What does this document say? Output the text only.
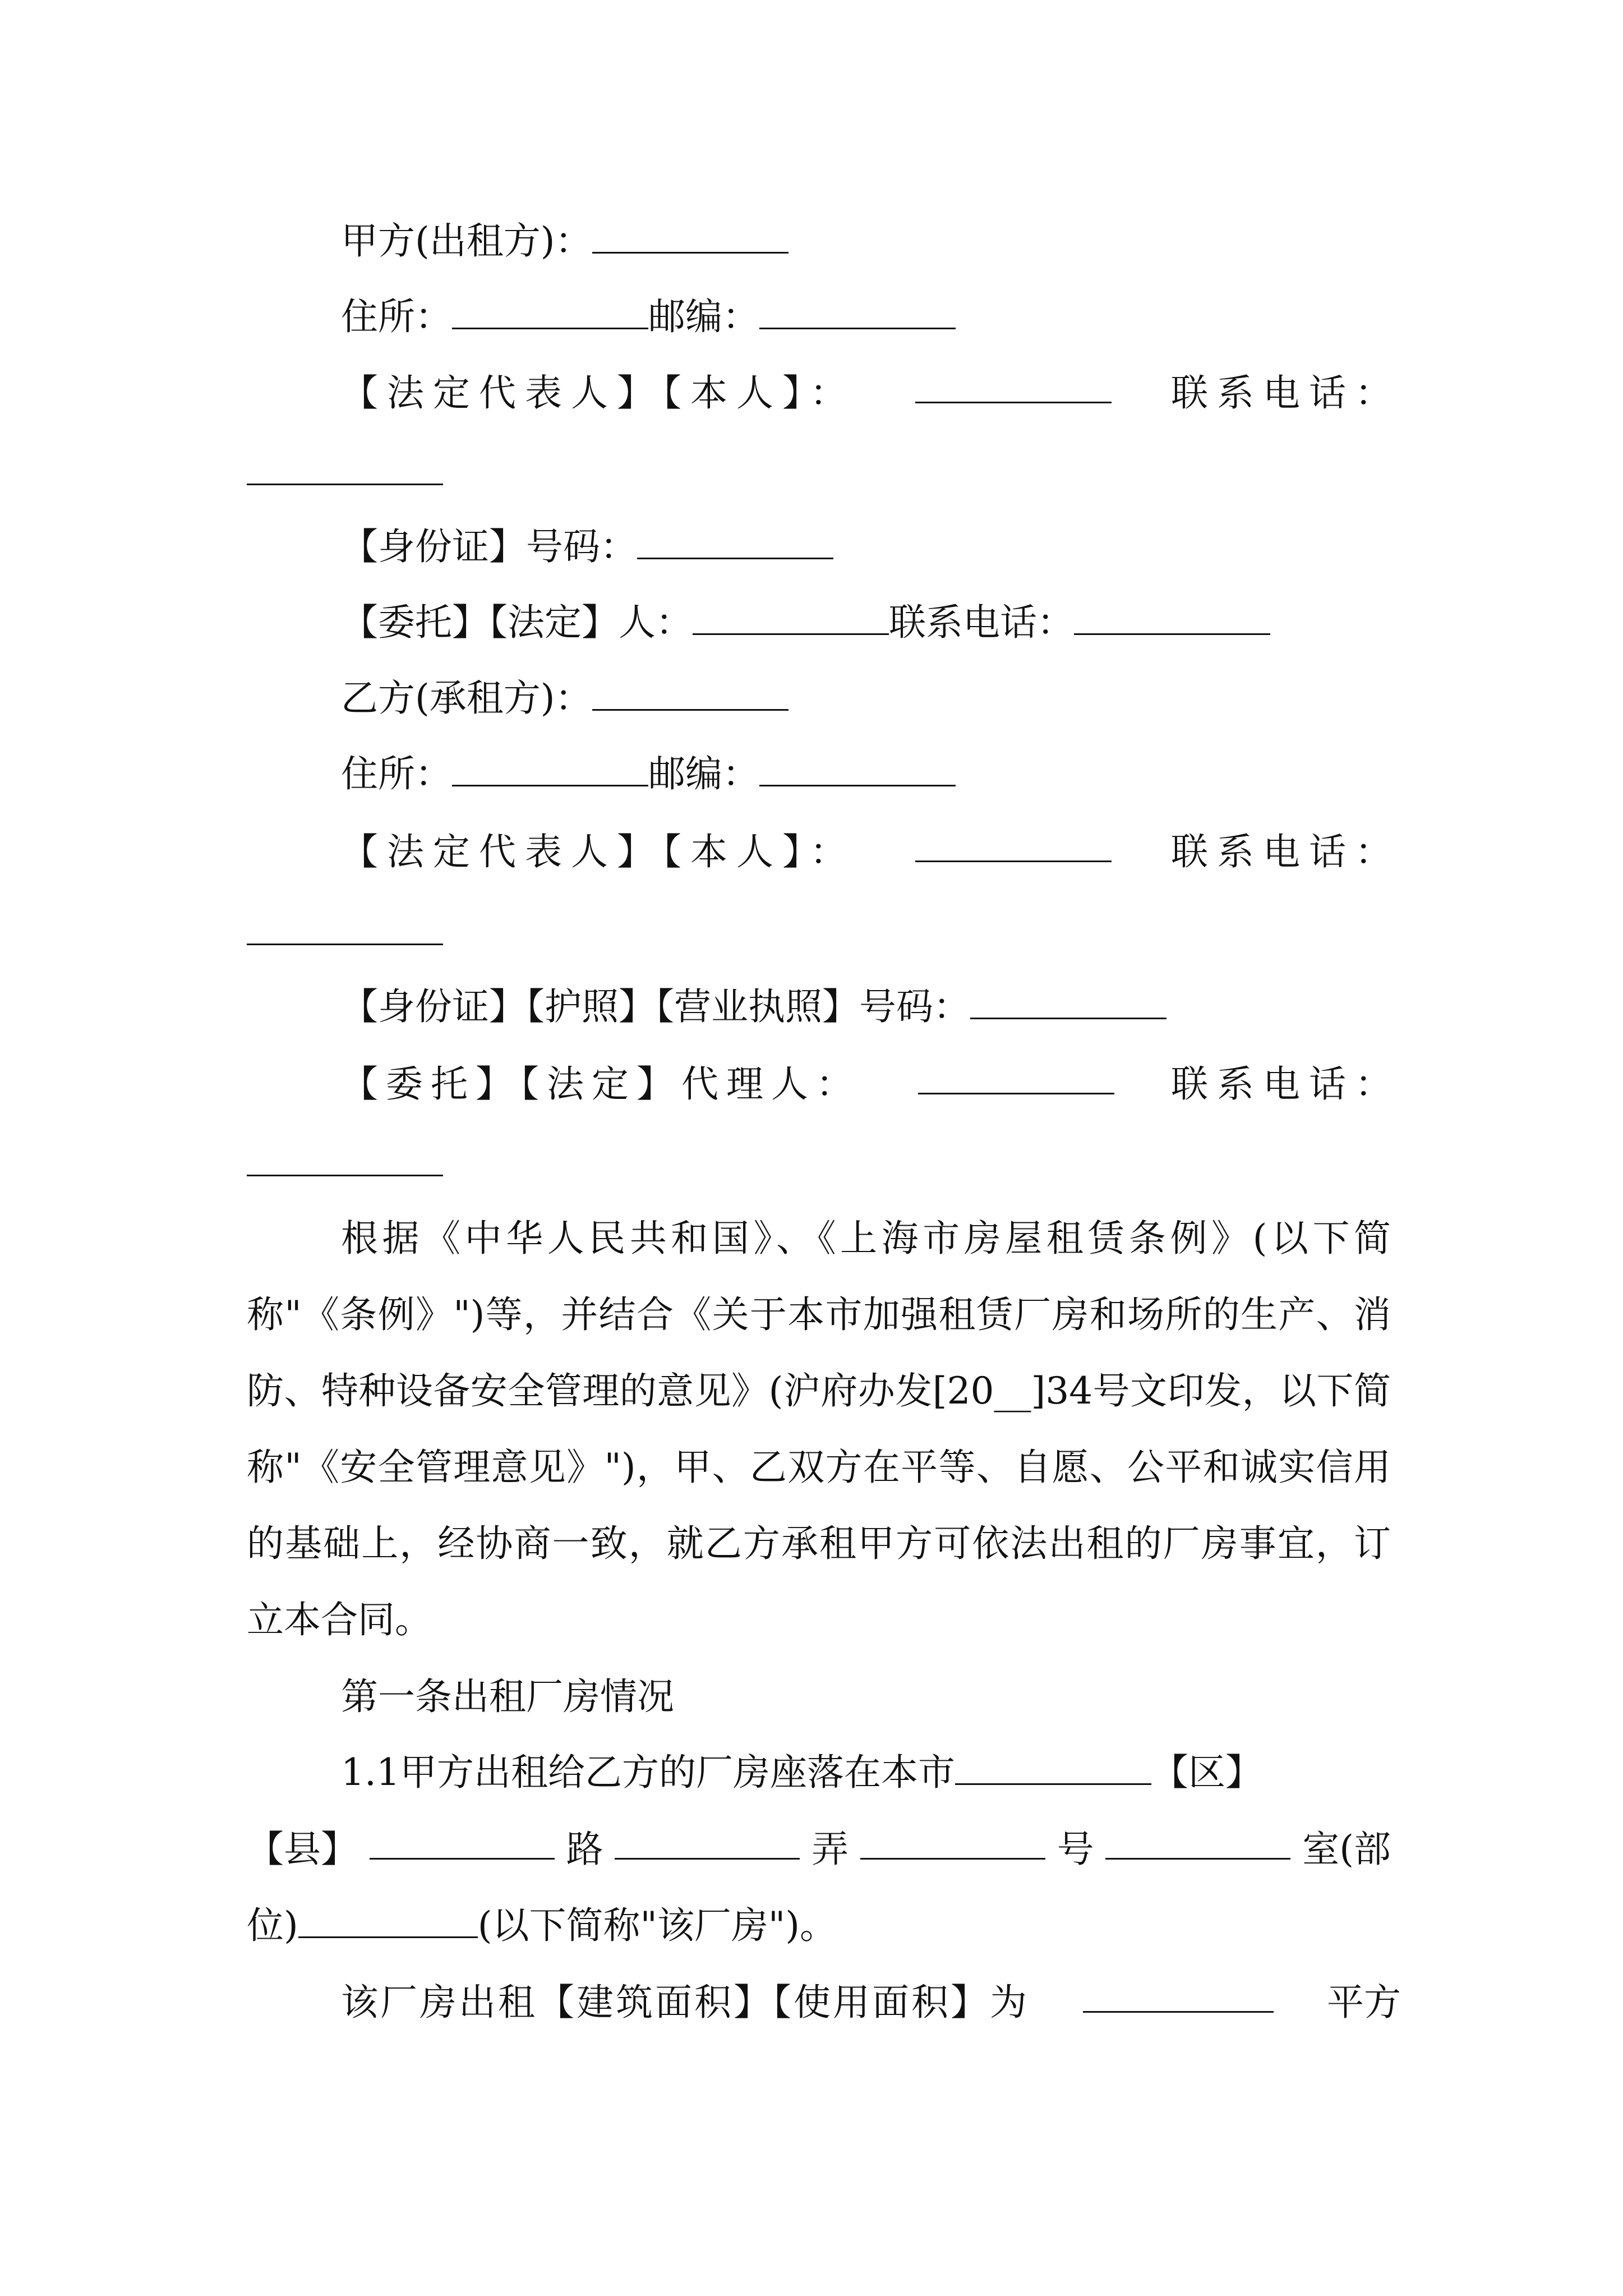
甲方(出租方)：
住所：	邮编：
【法定代表人】【本人】：	联系电话：
【身份证】号码：
【委托】【法定】人：	联系电话：
乙方(承租方)：
住所：	邮编：
【法定代表人】【本人】：	联系电话：
【身份证】【护照】【营业执照】号码：
【委托】【法定】代理人：	联系电话：
根据《中华人民共和国》、《上海市房屋租赁条例》(以下简称"《条例》")等，并结合《关于本市加强租赁厂房和场所的生产、消防、特种设备安全管理的意见》(沪府办发[20__]34号文印发，以下简称"《安全管理意见》")，甲、乙双方在平等、自愿、公平和诚实信用的基础上，经协商一致，就乙方承租甲方可依法出租的厂房事宜，订立本合同。
第一条出租厂房情况
1.1甲方出租给乙方的厂房座落在本市	【区】
【县】	路	弄	号	室(部
位)	(以下简称"该厂房")。
该厂房出租【建筑面积】【使用面积】为	平方
